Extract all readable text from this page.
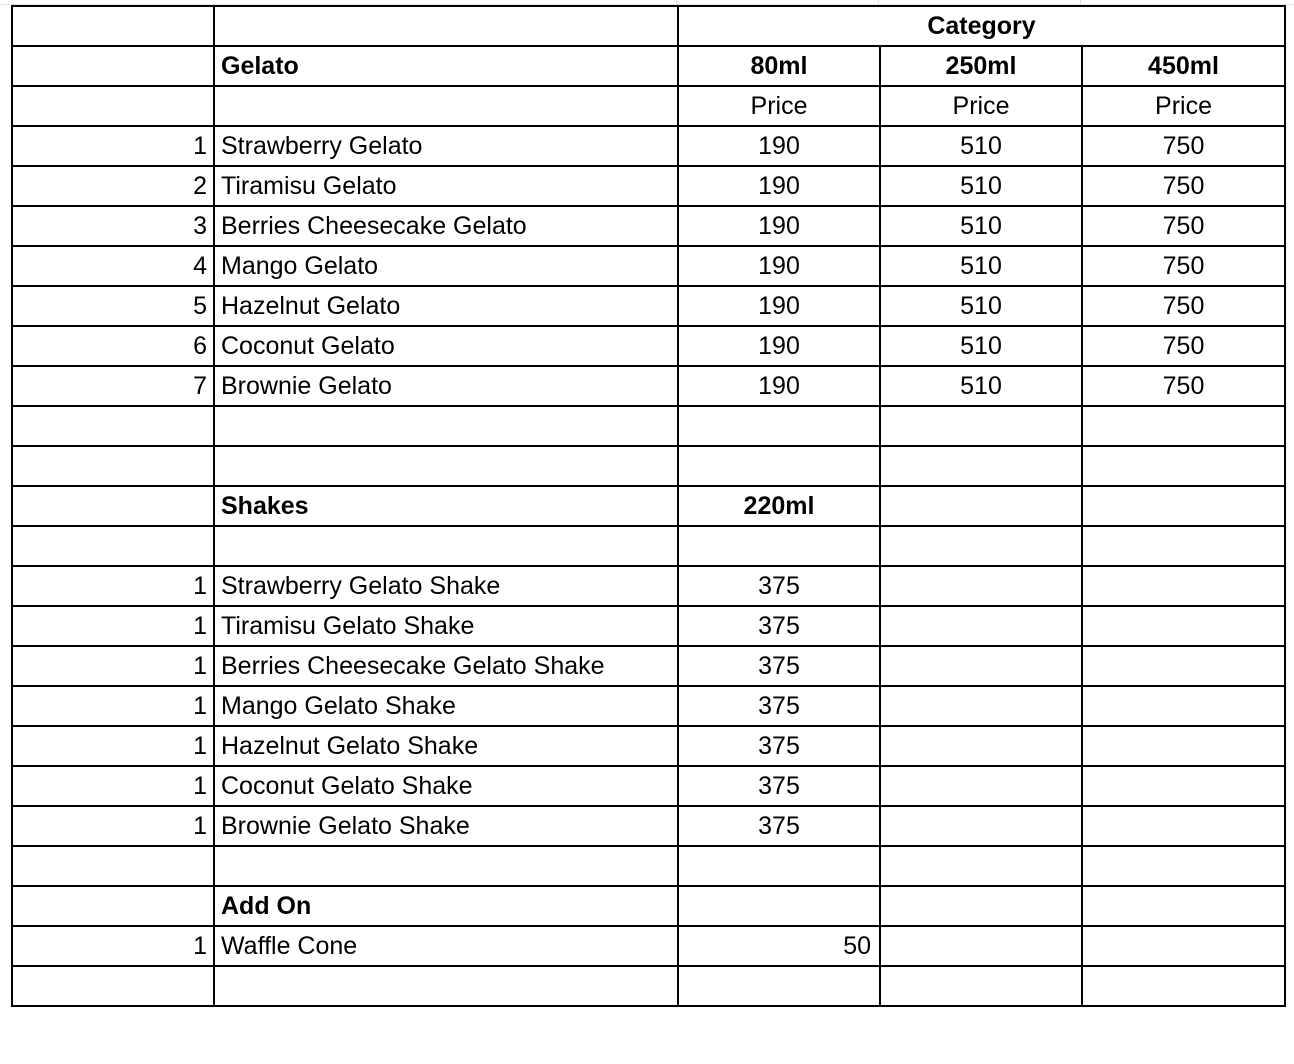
		Category		
	Gelato	80ml	250ml	450ml
		Price	Price	Price
1	Strawberry Gelato	190	510	750
2	Tiramisu Gelato	190	510	750
3	Berries Cheesecake Gelato	190	510	750
4	Mango Gelato	190	510	750
5	Hazelnut Gelato	190	510	750
6	Coconut Gelato	190	510	750
7	Brownie Gelato	190	510	750

	Shakes	220ml		

1	Strawberry Gelato Shake	375		
1	Tiramisu Gelato Shake	375		
1	Berries Cheesecake Gelato Shake	375		
1	Mango Gelato Shake	375		
1	Hazelnut Gelato Shake	375		
1	Coconut Gelato Shake	375		
1	Brownie Gelato Shake	375		

	Add On			
1	Waffle Cone	50		
